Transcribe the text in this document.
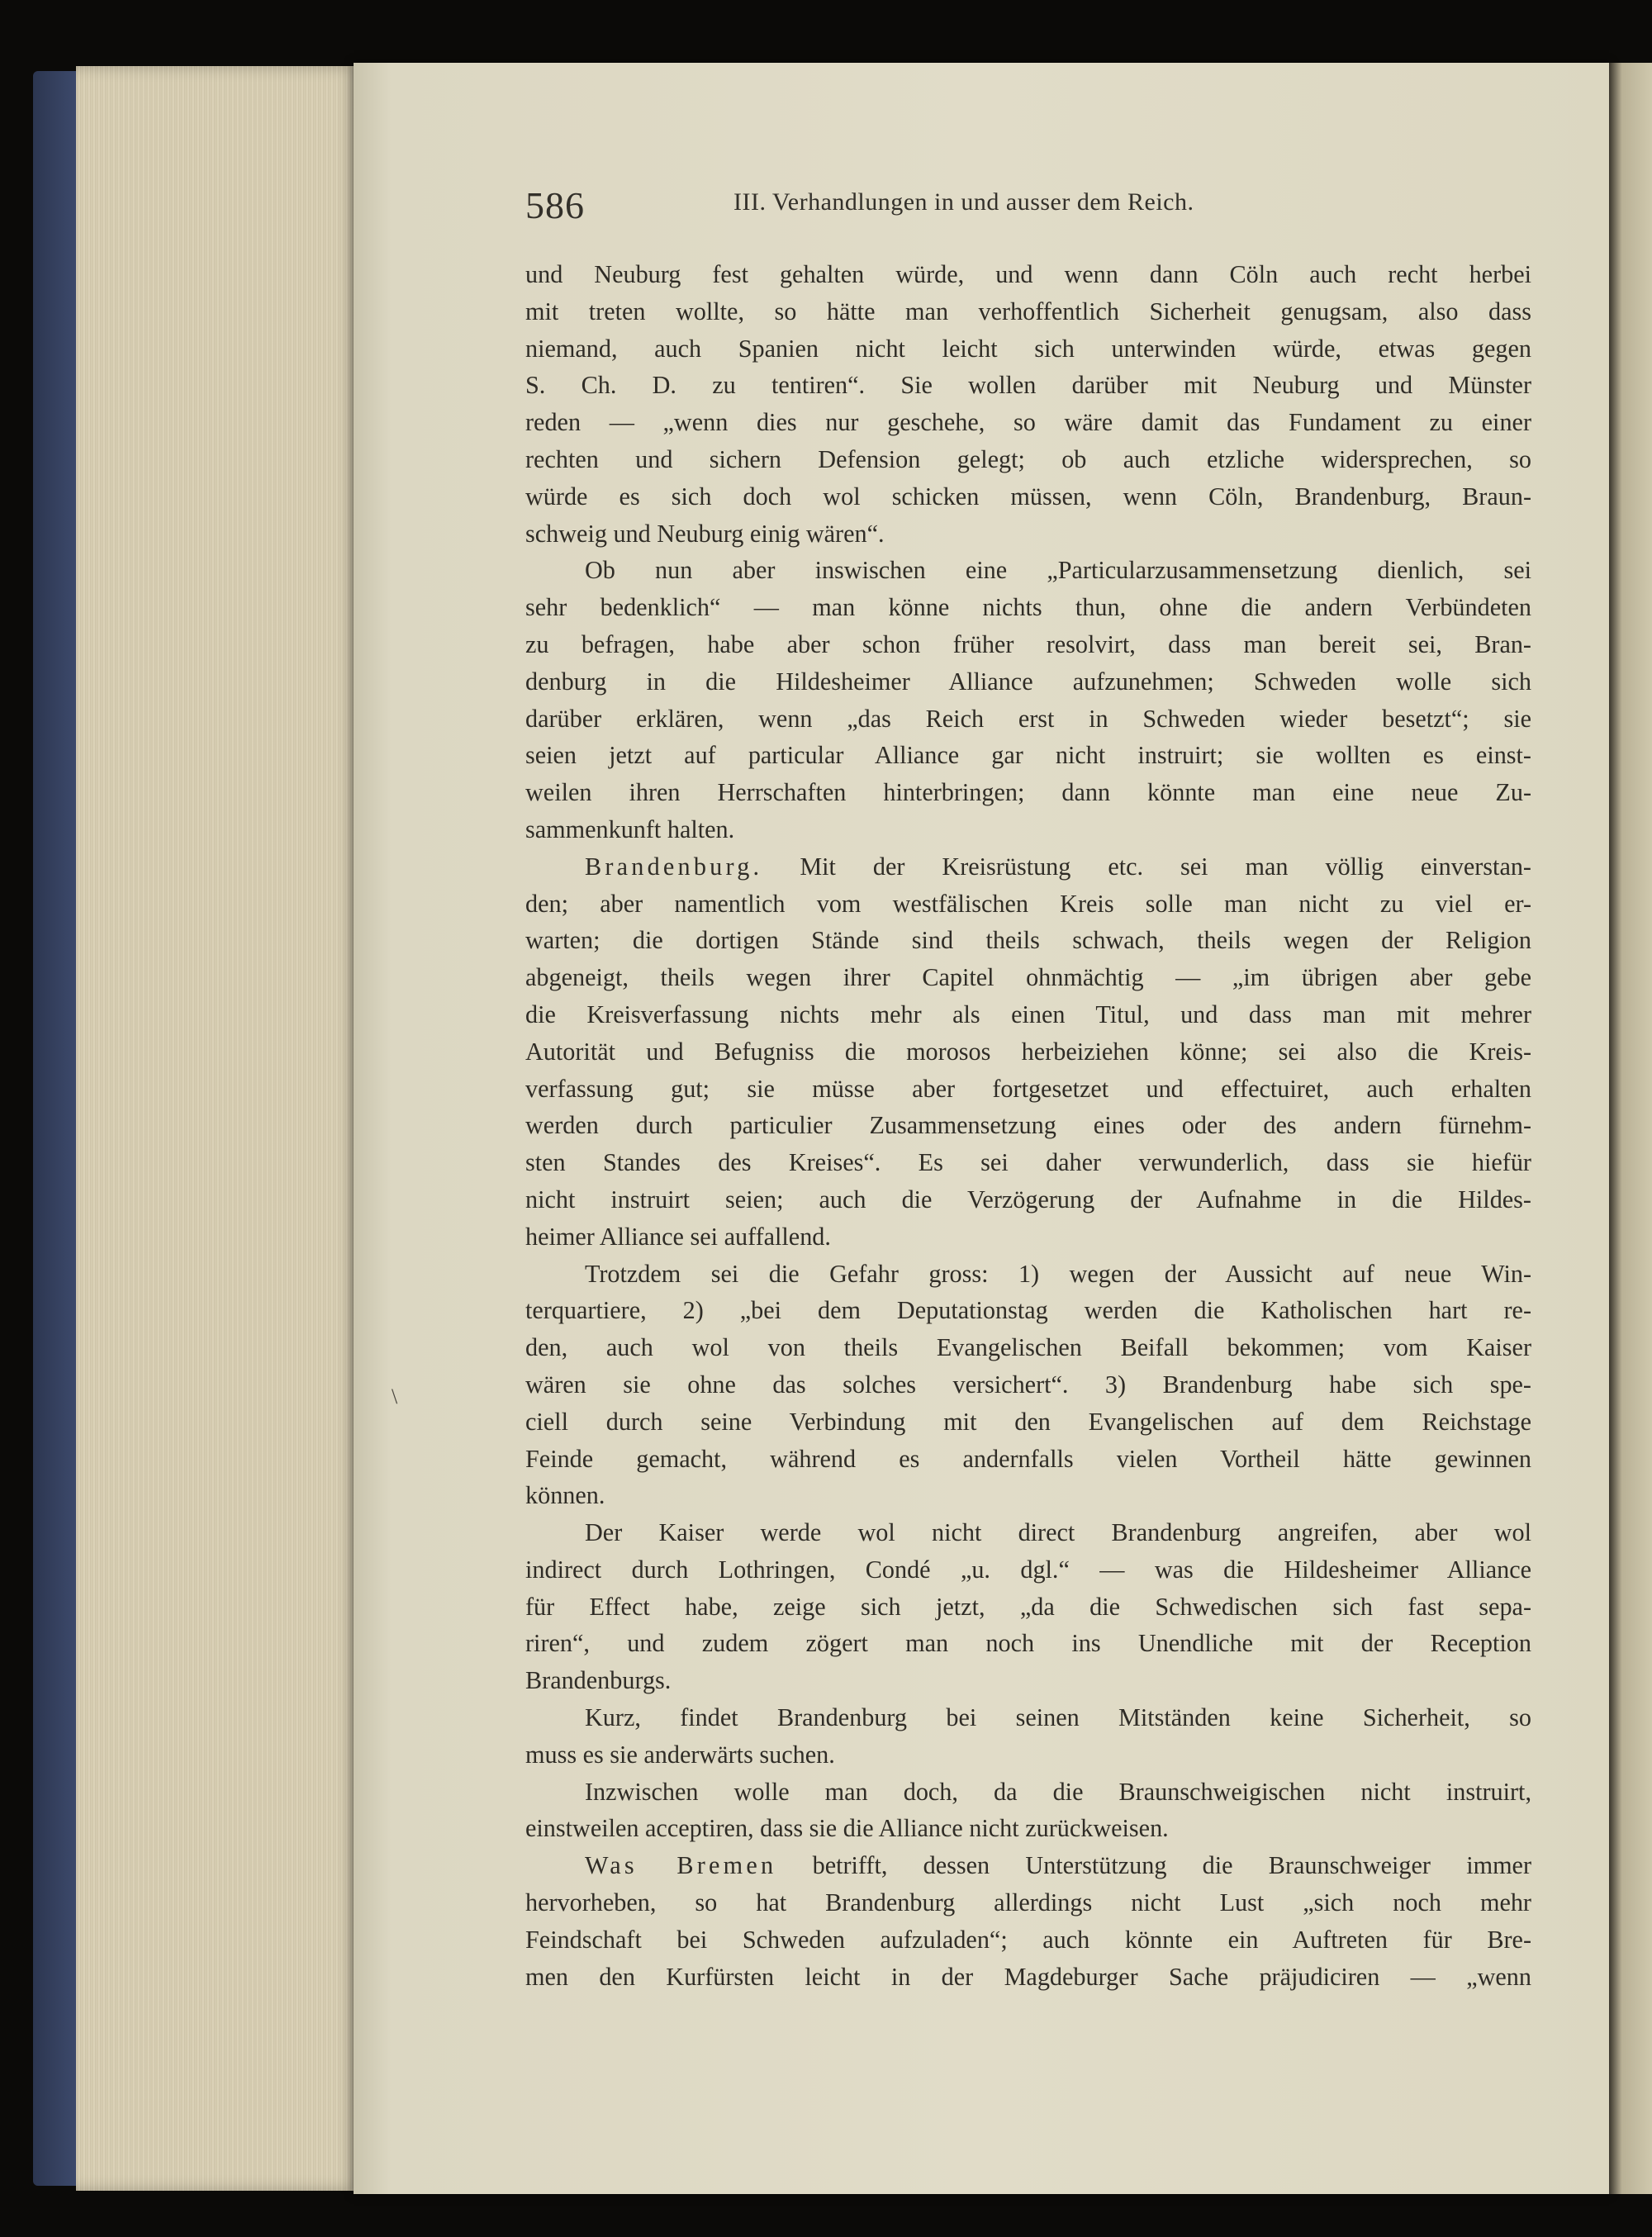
586	III. Verhandlungen in und ausser dem Reich.
\
und Neuburg fest gehalten würde, und wenn dann Cöln auch recht herbei
mit treten wollte, so hätte man verhoffentlich Sicherheit genugsam, also dass
niemand, auch Spanien nicht leicht sich unterwinden würde, etwas gegen
S. Ch. D. zu tentiren“. Sie wollen darüber mit Neuburg und Münster
reden — „wenn dies nur geschehe, so wäre damit das Fundament zu einer
rechten und sichern Defension gelegt; ob auch etzliche widersprechen, so
würde es sich doch wol schicken müssen, wenn Cöln, Brandenburg, Braun-
schweig und Neuburg einig wären“.
Ob nun aber inswischen eine „Particularzusammensetzung dienlich, sei
sehr bedenklich“ — man könne nichts thun, ohne die andern Verbündeten
zu befragen, habe aber schon früher resolvirt, dass man bereit sei, Bran-
denburg in die Hildesheimer Alliance aufzunehmen; Schweden wolle sich
darüber erklären, wenn „das Reich erst in Schweden wieder besetzt“; sie
seien jetzt auf particular Alliance gar nicht instruirt; sie wollten es einst-
weilen ihren Herrschaften hinterbringen; dann könnte man eine neue Zu-
sammenkunft halten.
Brandenburg. Mit der Kreisrüstung etc. sei man völlig einverstan-
den; aber namentlich vom westfälischen Kreis solle man nicht zu viel er-
warten; die dortigen Stände sind theils schwach, theils wegen der Religion
abgeneigt, theils wegen ihrer Capitel ohnmächtig — „im übrigen aber gebe
die Kreisverfassung nichts mehr als einen Titul, und dass man mit mehrer
Autorität und Befugniss die morosos herbeiziehen könne; sei also die Kreis-
verfassung gut; sie müsse aber fortgesetzet und effectuiret, auch erhalten
werden durch particulier Zusammensetzung eines oder des andern fürnehm-
sten Standes des Kreises“. Es sei daher verwunderlich, dass sie hiefür
nicht instruirt seien; auch die Verzögerung der Aufnahme in die Hildes-
heimer Alliance sei auffallend.
Trotzdem sei die Gefahr gross: 1) wegen der Aussicht auf neue Win-
terquartiere, 2) „bei dem Deputationstag werden die Katholischen hart re-
den, auch wol von theils Evangelischen Beifall bekommen; vom Kaiser
wären sie ohne das solches versichert“. 3) Brandenburg habe sich spe-
ciell durch seine Verbindung mit den Evangelischen auf dem Reichstage
Feinde gemacht, während es andernfalls vielen Vortheil hätte gewinnen
können.
Der Kaiser werde wol nicht direct Brandenburg angreifen, aber wol
indirect durch Lothringen, Condé „u. dgl.“ — was die Hildesheimer Alliance
für Effect habe, zeige sich jetzt, „da die Schwedischen sich fast sepa-
riren“, und zudem zögert man noch ins Unendliche mit der Reception
Brandenburgs.
Kurz, findet Brandenburg bei seinen Mitständen keine Sicherheit, so
muss es sie anderwärts suchen.
Inzwischen wolle man doch, da die Braunschweigischen nicht instruirt,
einstweilen acceptiren, dass sie die Alliance nicht zurückweisen.
Was Bremen betrifft, dessen Unterstützung die Braunschweiger immer
hervorheben, so hat Brandenburg allerdings nicht Lust „sich noch mehr
Feindschaft bei Schweden aufzuladen“; auch könnte ein Auftreten für Bre-
men den Kurfürsten leicht in der Magdeburger Sache präjudiciren — „wenn
